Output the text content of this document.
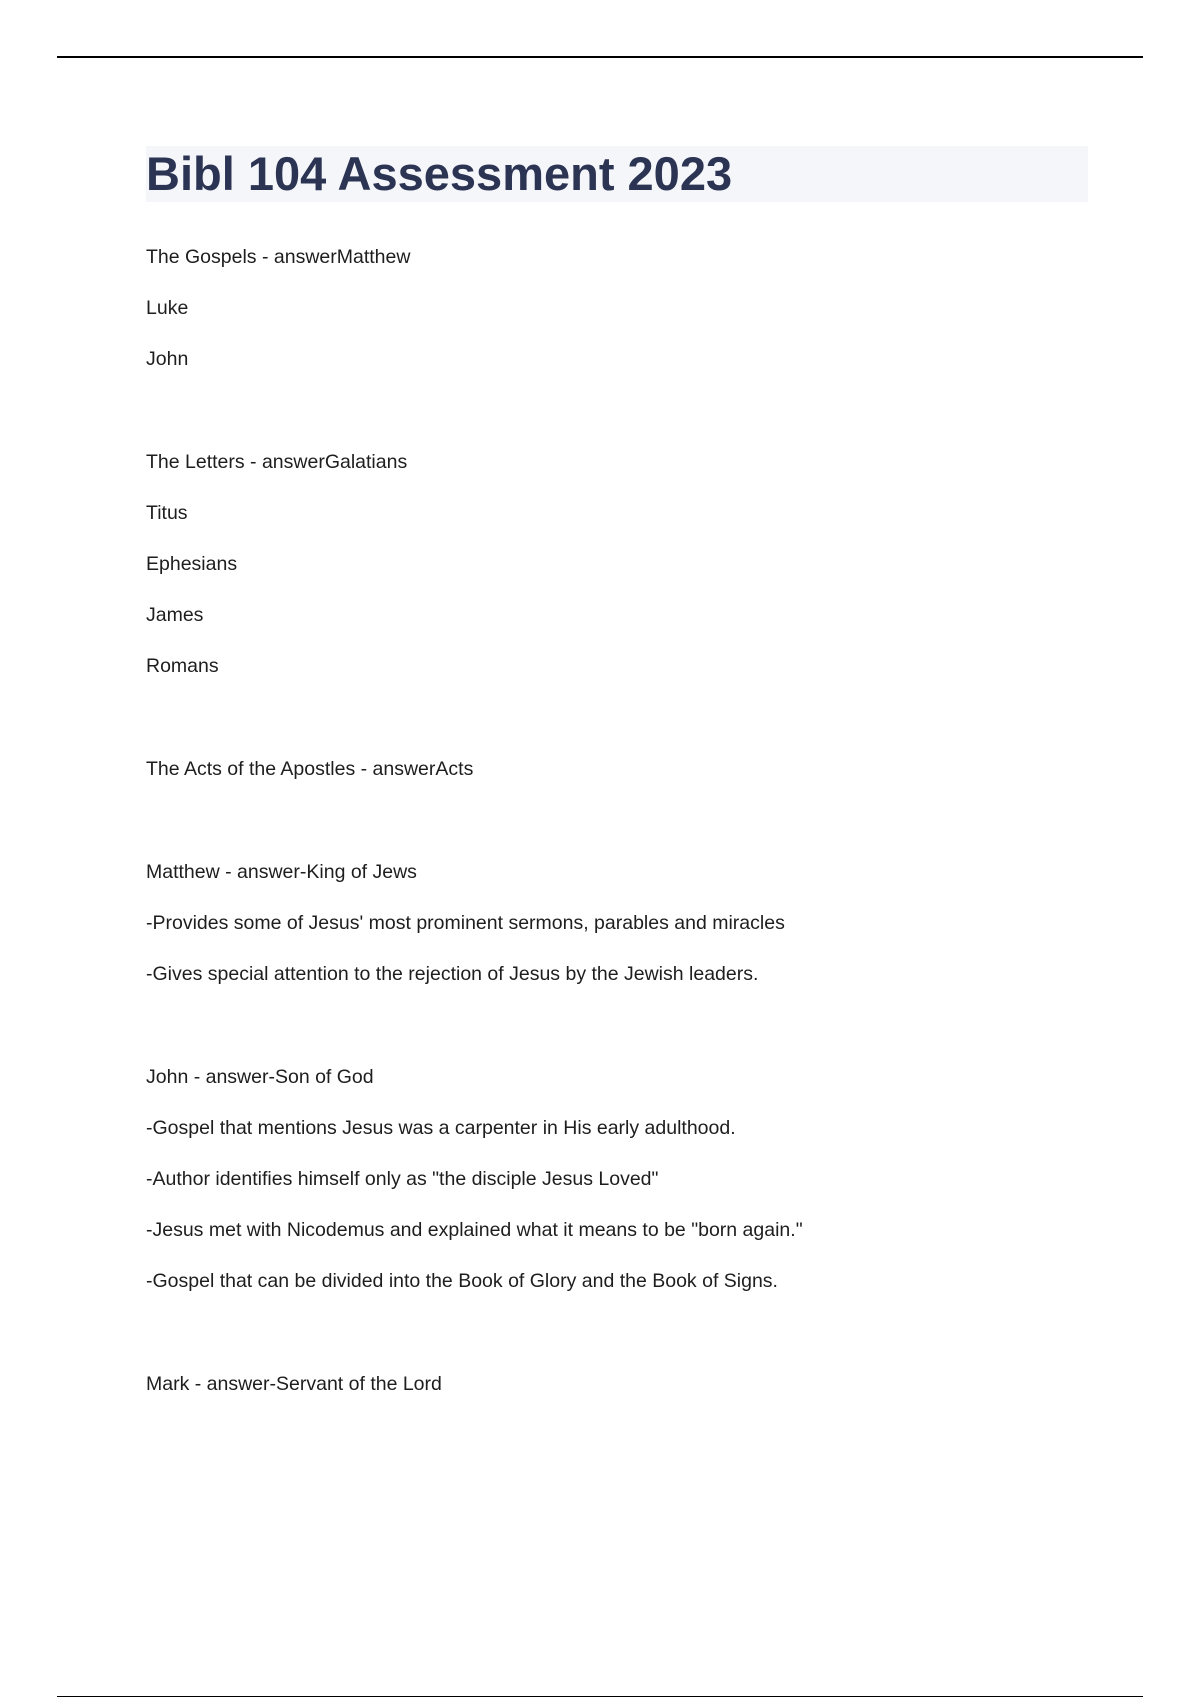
Bibl 104 Assessment 2023

The Gospels - answerMatthew

Luke

John

The Letters - answerGalatians

Titus

Ephesians

James

Romans

The Acts of the Apostles - answerActs

Matthew - answer-King of Jews

-Provides some of Jesus' most prominent sermons, parables and miracles

-Gives special attention to the rejection of Jesus by the Jewish leaders.

John - answer-Son of God

-Gospel that mentions Jesus was a carpenter in His early adulthood.

-Author identifies himself only as "the disciple Jesus Loved"

-Jesus met with Nicodemus and explained what it means to be "born again."

-Gospel that can be divided into the Book of Glory and the Book of Signs.

Mark - answer-Servant of the Lord
